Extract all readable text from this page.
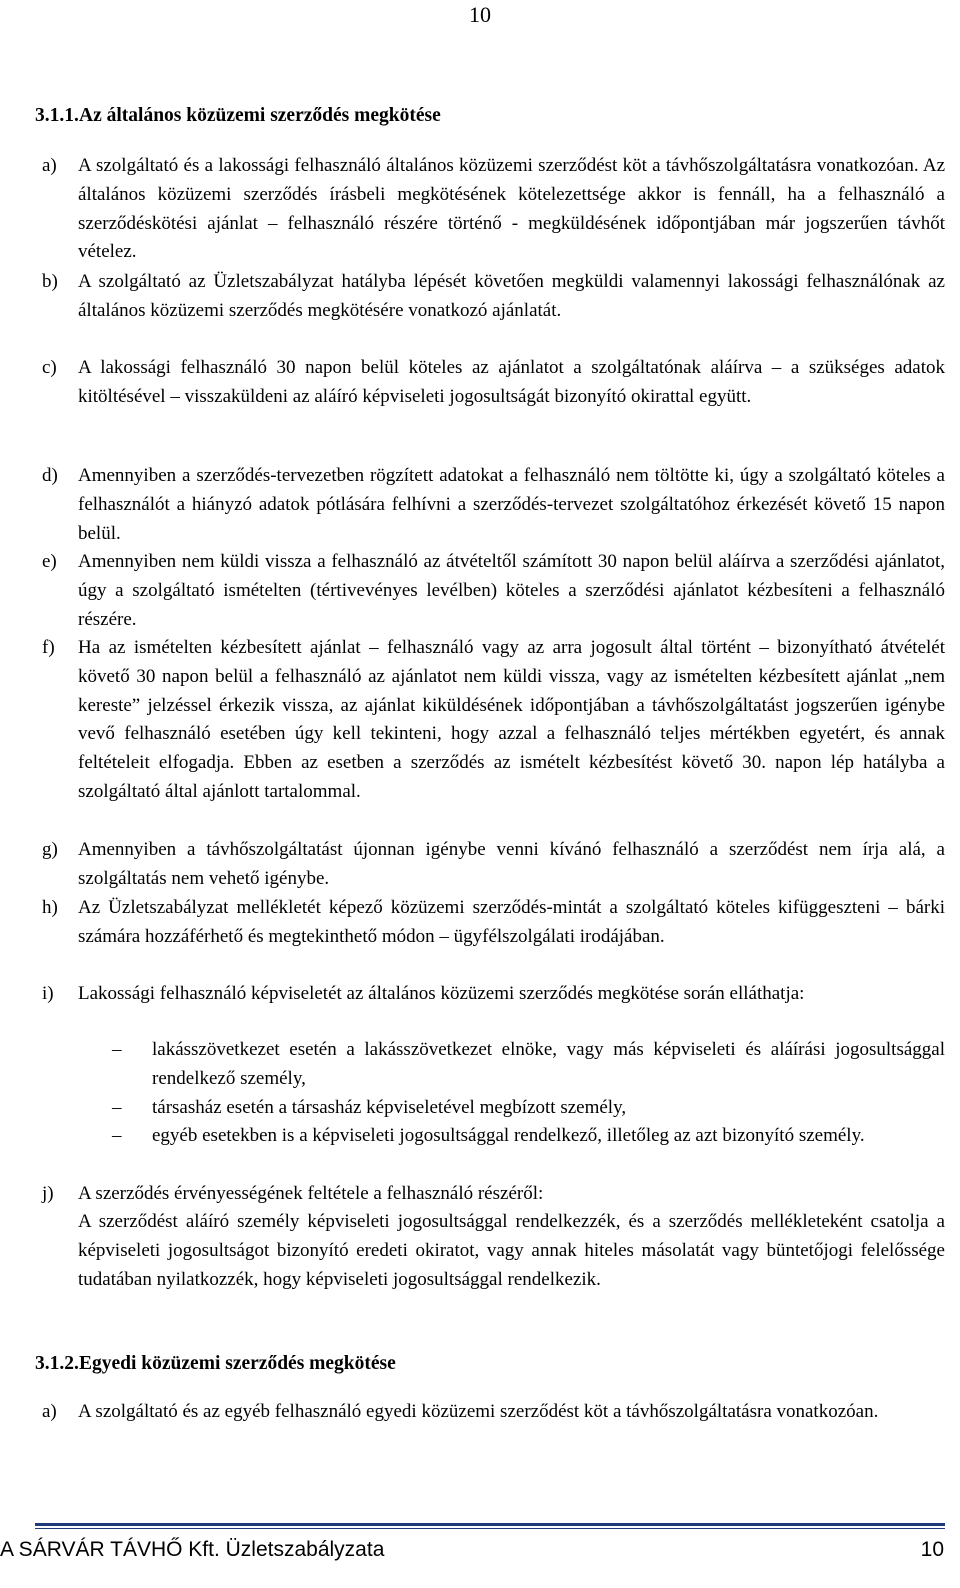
10
3.1.1.Az általános közüzemi szerződés megkötése
a) A szolgáltató és a lakossági felhasználó általános közüzemi szerződést köt a távhőszolgáltatásra vonatkozóan. Az általános közüzemi szerződés írásbeli megkötésének kötelezettsége akkor is fennáll, ha a felhasználó a szerződéskötési ajánlat – felhasználó részére történő - megküldésének időpontjában már jogszerűen távhőt vételez.
b) A szolgáltató az Üzletszabályzat hatályba lépését követően megküldi valamennyi lakossági felhasználónak az általános közüzemi szerződés megkötésére vonatkozó ajánlatát.
c) A lakossági felhasználó 30 napon belül köteles az ajánlatot a szolgáltatónak aláírva – a szükséges adatok kitöltésével – visszaküldeni az aláíró képviseleti jogosultságát bizonyító okirattal együtt.
d) Amennyiben a szerződés-tervezetben rögzített adatokat a felhasználó nem töltötte ki, úgy a szolgáltató köteles a felhasználót a hiányzó adatok pótlására felhívni a szerződés-tervezet szolgáltatóhoz érkezését követő 15 napon belül.
e) Amennyiben nem küldi vissza a felhasználó az átvételtől számított 30 napon belül aláírva a szerződési ajánlatot, úgy a szolgáltató ismételten (tértivevényes levélben) köteles a szerződési ajánlatot kézbesíteni a felhasználó részére.
f) Ha az ismételten kézbesített ajánlat – felhasználó vagy az arra jogosult által történt – bizonyítható átvételét követő 30 napon belül a felhasználó az ajánlatot nem küldi vissza, vagy az ismételten kézbesített ajánlat „nem kereste” jelzéssel érkezik vissza, az ajánlat kiküldésének időpontjában a távhőszolgáltatást jogszerűen igénybe vevő felhasználó esetében úgy kell tekinteni, hogy azzal a felhasználó teljes mértékben egyetért, és annak feltételeit elfogadja. Ebben az esetben a szerződés az ismételt kézbesítést követő 30. napon lép hatályba a szolgáltató által ajánlott tartalommal.
g) Amennyiben a távhőszolgáltatást újonnan igénybe venni kívánó felhasználó a szerződést nem írja alá, a szolgáltatás nem vehető igénybe.
h) Az Üzletszabályzat mellékletét képező közüzemi szerződés-mintát a szolgáltató köteles kifüggeszteni – bárki számára hozzáférhető és megtekinthető módon – ügyfélszolgálati irodájában.
i) Lakossági felhasználó képviseletét az általános közüzemi szerződés megkötése során elláthatja:
– lakásszövetkezet esetén a lakásszövetkezet elnöke, vagy más képviseleti és aláírási jogosultsággal rendelkező személy,
– társasház esetén a társasház képviseletével megbízott személy,
– egyéb esetekben is a képviseleti jogosultsággal rendelkező, illetőleg az azt bizonyító személy.
j) A szerződés érvényességének feltétele a felhasználó részéről:
A szerződést aláíró személy képviseleti jogosultsággal rendelkezzék, és a szerződés mellékleteként csatolja a képviseleti jogosultságot bizonyító eredeti okiratot, vagy annak hiteles másolatát vagy büntetőjogi felelőssége tudatában nyilatkozzék, hogy képviseleti jogosultsággal rendelkezik.
3.1.2.Egyedi közüzemi szerződés megkötése
a) A szolgáltató és az egyéb felhasználó egyedi közüzemi szerződést köt a távhőszolgáltatásra vonatkozóan.
A SÁRVÁR TÁVHŐ Kft. Üzletszabályzata	10
